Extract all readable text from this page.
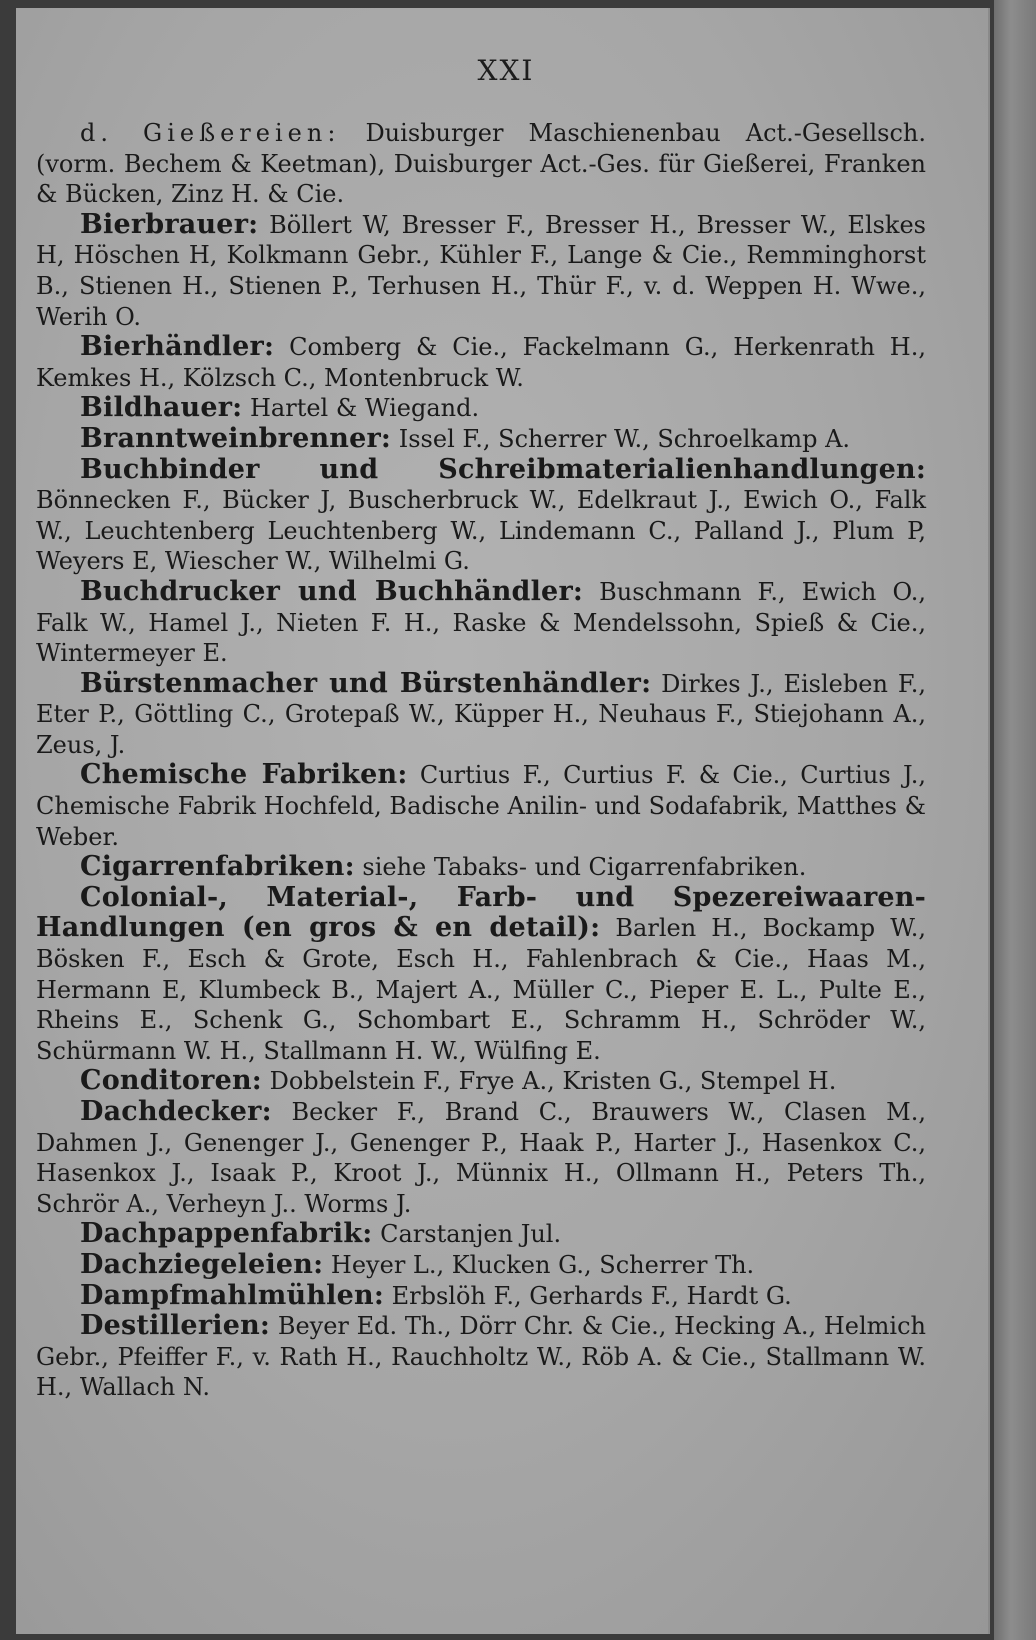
XXI

d. Gießereien: Duisburger Maschienenbau Act.-Gesellsch. (vorm. Bechem & Keetman), Duisburger Act.-Ges. für Gießerei, Franken & Bücken, Zinz H. & Cie.

Bierbrauer: Böllert W, Bresser F., Bresser H., Bresser W., Elskes H, Höschen H, Kolkmann Gebr., Kühler F., Lange & Cie., Remminghorst B., Stienen H., Stienen P., Terhusen H., Thür F., v. d. Weppen H. Wwe., Werih O.

Bierhändler: Comberg & Cie., Fackelmann G., Herkenrath H., Kemkes H., Kölzsch C., Montenbruck W.

Bildhauer: Hartel & Wiegand.

Branntweinbrenner: Issel F., Scherrer W., Schroelkamp A.

Buchbinder und Schreibmaterialienhandlungen: Bönnecken F., Bücker J, Buscherbruck W., Edelkraut J., Ewich O., Falk W., Leuchtenberg Leuchtenberg W., Lindemann C., Palland J., Plum P, Weyers E, Wiescher W., Wilhelmi G.

Buchdrucker und Buchhändler: Buschmann F., Ewich O., Falk W., Hamel J., Nieten F. H., Raske & Mendelssohn, Spieß & Cie., Wintermeyer E.

Bürstenmacher und Bürstenhändler: Dirkes J., Eisleben F., Eter P., Göttling C., Grotepaß W., Küpper H., Neuhaus F., Stiejohann A., Zeus, J.

Chemische Fabriken: Curtius F., Curtius F. & Cie., Curtius J., Chemische Fabrik Hochfeld, Badische Anilin- und Sodafabrik, Matthes & Weber.

Cigarrenfabriken: siehe Tabaks- und Cigarrenfabriken.

Colonial-, Material-, Farb- und Spezereiwaaren-Handlungen (en gros & en detail): Barlen H., Bockamp W., Bösken F., Esch & Grote, Esch H., Fahlenbrach & Cie., Haas M., Hermann E, Klumbeck B., Majert A., Müller C., Pieper E. L., Pulte E., Rheins E., Schenk G., Schombart E., Schramm H., Schröder W., Schürmann W. H., Stallmann H. W., Wülfing E.

Conditoren: Dobbelstein F., Frye A., Kristen G., Stempel H.

Dachdecker: Becker F., Brand C., Brauwers W., Clasen M., Dahmen J., Genenger J., Genenger P., Haak P., Harter J., Hasenkox C., Hasenkox J., Isaak P., Kroot J., Münnix H., Ollmann H., Peters Th., Schrör A., Verheyn J.. Worms J.

Dachpappenfabrik: Carstanjen Jul.

Dachziegeleien: Heyer L., Klucken G., Scherrer Th.

Dampfmahlmühlen: Erbslöh F., Gerhards F., Hardt G.

Destillerien: Beyer Ed. Th., Dörr Chr. & Cie., Hecking A., Helmich Gebr., Pfeiffer F., v. Rath H., Rauchholtz W., Röb A. & Cie., Stallmann W. H., Wallach N.
